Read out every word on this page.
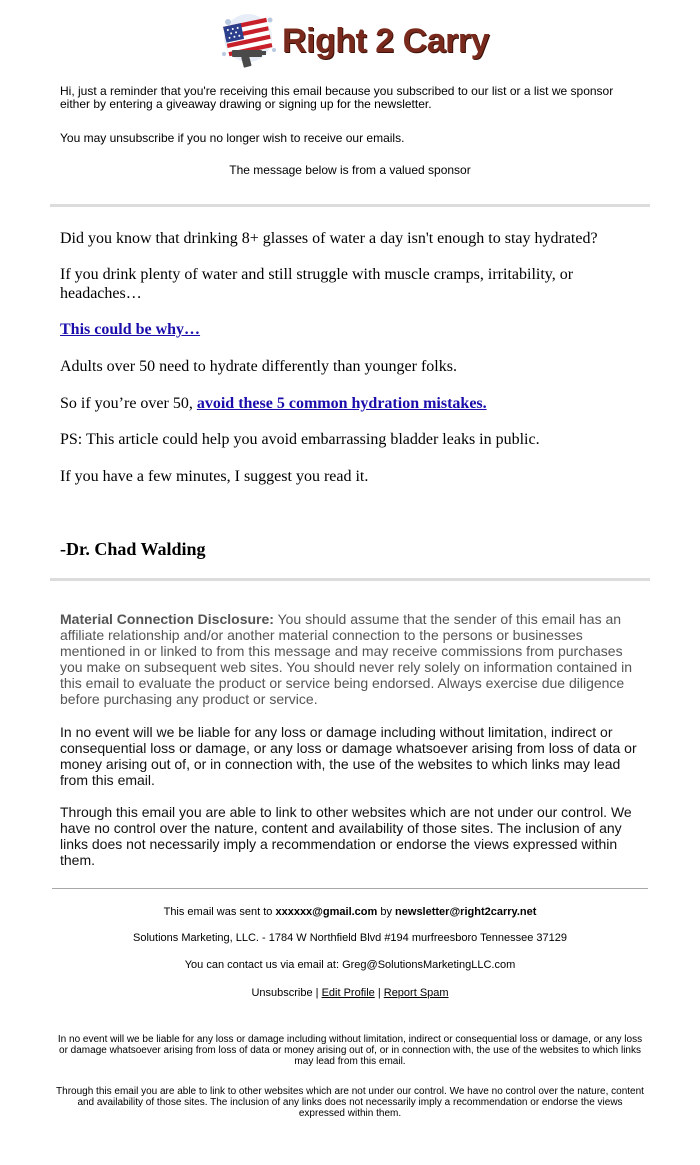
Right 2 Carry
Hi, just a reminder that you're receiving this email because you subscribed to our list or a list we sponsor either by entering a giveaway drawing or signing up for the newsletter.
You may unsubscribe if you no longer wish to receive our emails.
The message below is from a valued sponsor
Did you know that drinking 8+ glasses of water a day isn't enough to stay hydrated?
If you drink plenty of water and still struggle with muscle cramps, irritability, or headaches…
This could be why…
Adults over 50 need to hydrate differently than younger folks.
So if you’re over 50, avoid these 5 common hydration mistakes.
PS: This article could help you avoid embarrassing bladder leaks in public.
If you have a few minutes, I suggest you read it.
-Dr. Chad Walding
Material Connection Disclosure: You should assume that the sender of this email has an affiliate relationship and/or another material connection to the persons or businesses mentioned in or linked to from this message and may receive commissions from purchases you make on subsequent web sites. You should never rely solely on information contained in this email to evaluate the product or service being endorsed. Always exercise due diligence before purchasing any product or service.
In no event will we be liable for any loss or damage including without limitation, indirect or consequential loss or damage, or any loss or damage whatsoever arising from loss of data or money arising out of, or in connection with, the use of the websites to which links may lead from this email.
Through this email you are able to link to other websites which are not under our control. We have no control over the nature, content and availability of those sites. The inclusion of any links does not necessarily imply a recommendation or endorse the views expressed within them.
This email was sent to xxxxxx@gmail.com by newsletter@right2carry.net
Solutions Marketing, LLC. - 1784 W Northfield Blvd #194 murfreesboro Tennessee 37129
You can contact us via email at: Greg@SolutionsMarketingLLC.com
Unsubscribe | Edit Profile | Report Spam
In no event will we be liable for any loss or damage including without limitation, indirect or consequential loss or damage, or any loss or damage whatsoever arising from loss of data or money arising out of, or in connection with, the use of the websites to which links may lead from this email.
Through this email you are able to link to other websites which are not under our control. We have no control over the nature, content and availability of those sites. The inclusion of any links does not necessarily imply a recommendation or endorse the views expressed within them.
